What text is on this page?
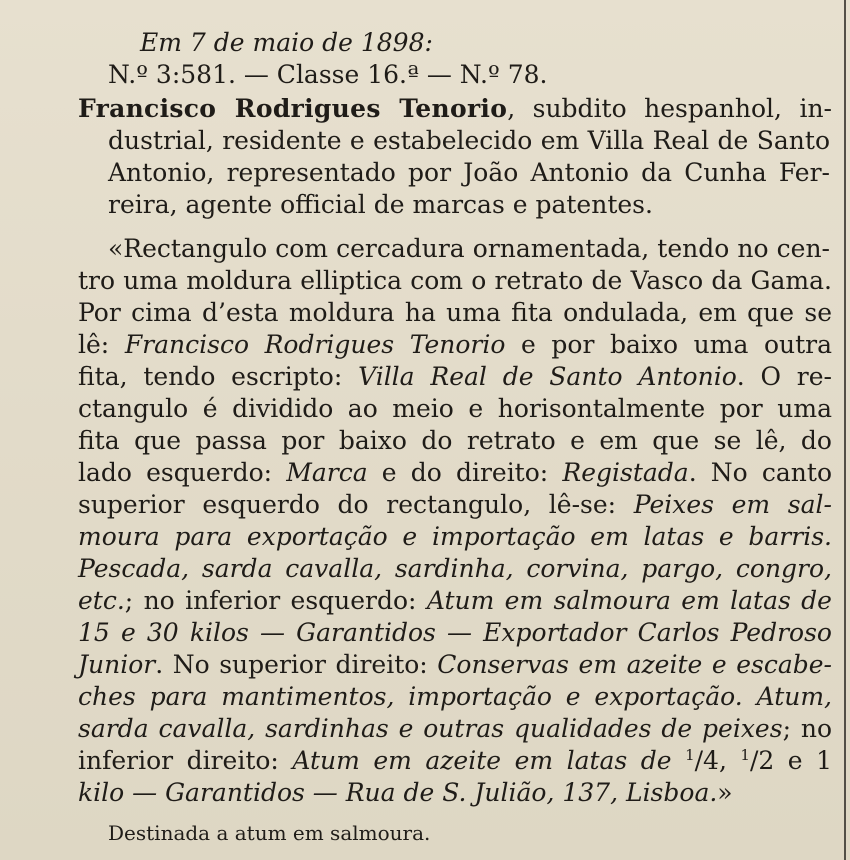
Em 7 de maio de 1898:
N.º 3:581. — Classe 16.ª — N.º 78.
Francisco Rodrigues Tenorio, subdito hespanhol, in-
dustrial, residente e estabelecido em Villa Real de Santo
Antonio, representado por João Antonio da Cunha Fer-
reira, agente official de marcas e patentes.
«Rectangulo com cercadura ornamentada, tendo no cen-
tro uma moldura elliptica com o retrato de Vasco da Gama.
Por cima d’esta moldura ha uma fita ondulada, em que se
lê: Francisco Rodrigues Tenorio e por baixo uma outra
fita, tendo escripto: Villa Real de Santo Antonio. O re-
ctangulo é dividido ao meio e horisontalmente por uma
fita que passa por baixo do retrato e em que se lê, do
lado esquerdo: Marca e do direito: Registada. No canto
superior esquerdo do rectangulo, lê-se: Peixes em sal-
moura para exportação e importação em latas e barris.
Pescada, sarda cavalla, sardinha, corvina, pargo, congro,
etc.; no inferior esquerdo: Atum em salmoura em latas de
15 e 30 kilos — Garantidos — Exportador Carlos Pedroso
Junior. No superior direito: Conservas em azeite e escabe-
ches para mantimentos, importação e exportação. Atum,
sarda cavalla, sardinhas e outras qualidades de peixes; no
inferior direito: Atum em azeite em latas de $^1$/4, $^1$/2 e 1
kilo — Garantidos — Rua de S. Julião, 137, Lisboa.»
Destinada a atum em salmoura.
